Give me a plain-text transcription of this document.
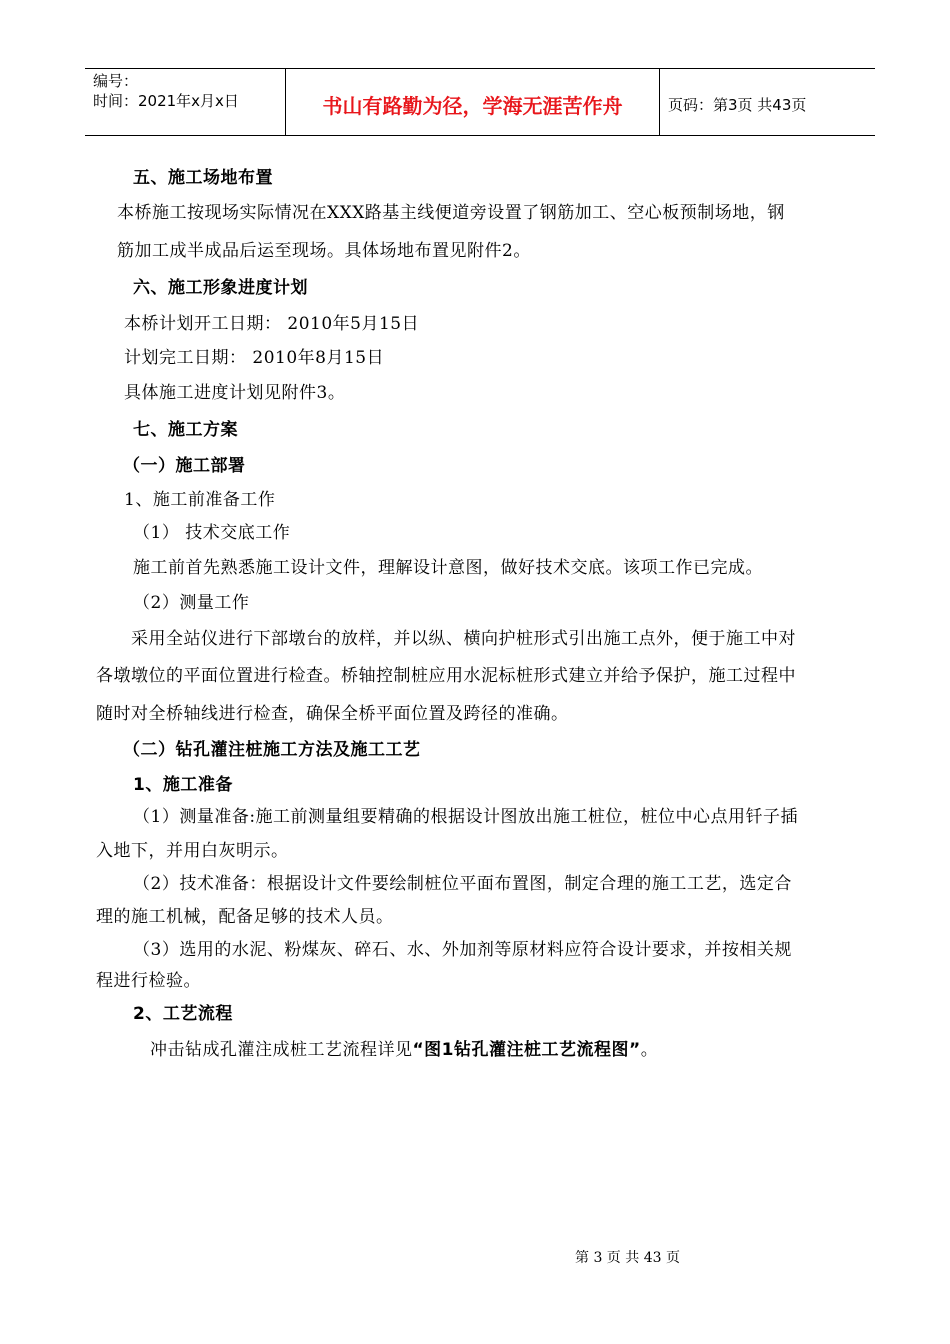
编号：
时间：2021年x月x日	书山有路勤为径，学海无涯苦作舟	页码：第3页 共43页
五、施工场地布置
本桥施工按现场实际情况在XXX路基主线便道旁设置了钢筋加工、空心板预制场地，钢
筋加工成半成品后运至现场。具体场地布置见附件2。
六、施工形象进度计划
本桥计划开工日期： 2010年5月15日
计划完工日期： 2010年8月15日
具体施工进度计划见附件3。
七、施工方案
（一）施工部署
1、施工前准备工作
（1） 技术交底工作
施工前首先熟悉施工设计文件，理解设计意图，做好技术交底。该项工作已完成。
（2）测量工作
采用全站仪进行下部墩台的放样，并以纵、横向护桩形式引出施工点外，便于施工中对
各墩墩位的平面位置进行检查。桥轴控制桩应用水泥标桩形式建立并给予保护，施工过程中
随时对全桥轴线进行检查，确保全桥平面位置及跨径的准确。
（二）钻孔灌注桩施工方法及施工工艺
1、施工准备
（1）测量准备:施工前测量组要精确的根据设计图放出施工桩位，桩位中心点用钎子插
入地下，并用白灰明示。
（2）技术准备：根据设计文件要绘制桩位平面布置图，制定合理的施工工艺，选定合
理的施工机械，配备足够的技术人员。
（3）选用的水泥、粉煤灰、碎石、水、外加剂等原材料应符合设计要求，并按相关规
程进行检验。
2、工艺流程
冲击钻成孔灌注成桩工艺流程详见“图1钻孔灌注桩工艺流程图”。
第 3 页 共 43 页
